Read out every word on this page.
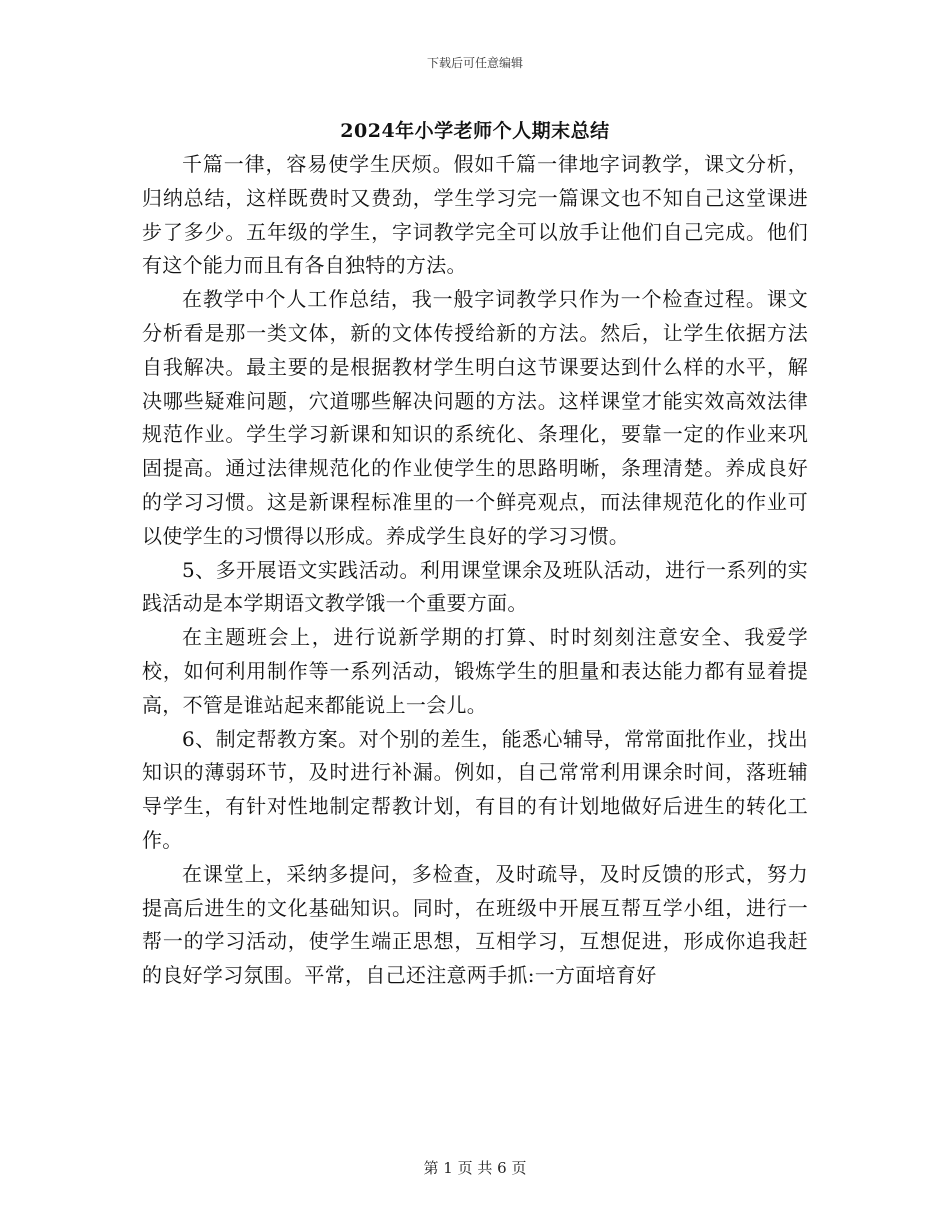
下载后可任意编辑
2024年小学老师个人期末总结

千篇一律，容易使学生厌烦。假如千篇一律地字词教学，课文分析，归纳总结，这样既费时又费劲，学生学习完一篇课文也不知自己这堂课进步了多少。五年级的学生，字词教学完全可以放手让他们自己完成。他们有这个能力而且有各自独特的方法。

在教学中个人工作总结，我一般字词教学只作为一个检查过程。课文分析看是那一类文体，新的文体传授给新的方法。然后，让学生依据方法自我解决。最主要的是根据教材学生明白这节课要达到什么样的水平，解决哪些疑难问题，穴道哪些解决问题的方法。这样课堂才能实效高效法律规范作业。学生学习新课和知识的系统化、条理化，要靠一定的作业来巩固提高。通过法律规范化的作业使学生的思路明晰，条理清楚。养成良好的学习习惯。这是新课程标准里的一个鲜亮观点，而法律规范化的作业可以使学生的习惯得以形成。养成学生良好的学习习惯。

5、多开展语文实践活动。利用课堂课余及班队活动，进行一系列的实践活动是本学期语文教学饿一个重要方面。

在主题班会上，进行说新学期的打算、时时刻刻注意安全、我爱学校，如何利用制作等一系列活动，锻炼学生的胆量和表达能力都有显着提高，不管是谁站起来都能说上一会儿。

6、制定帮教方案。对个别的差生，能悉心辅导，常常面批作业，找出知识的薄弱环节，及时进行补漏。例如，自己常常利用课余时间，落班辅导学生，有针对性地制定帮教计划，有目的有计划地做好后进生的转化工作。

在课堂上，采纳多提问，多检查，及时疏导，及时反馈的形式，努力提高后进生的文化基础知识。同时，在班级中开展互帮互学小组，进行一帮一的学习活动，使学生端正思想，互相学习，互想促进，形成你追我赶的良好学习氛围。平常，自己还注意两手抓:一方面培育好

第 1 页 共 6 页
